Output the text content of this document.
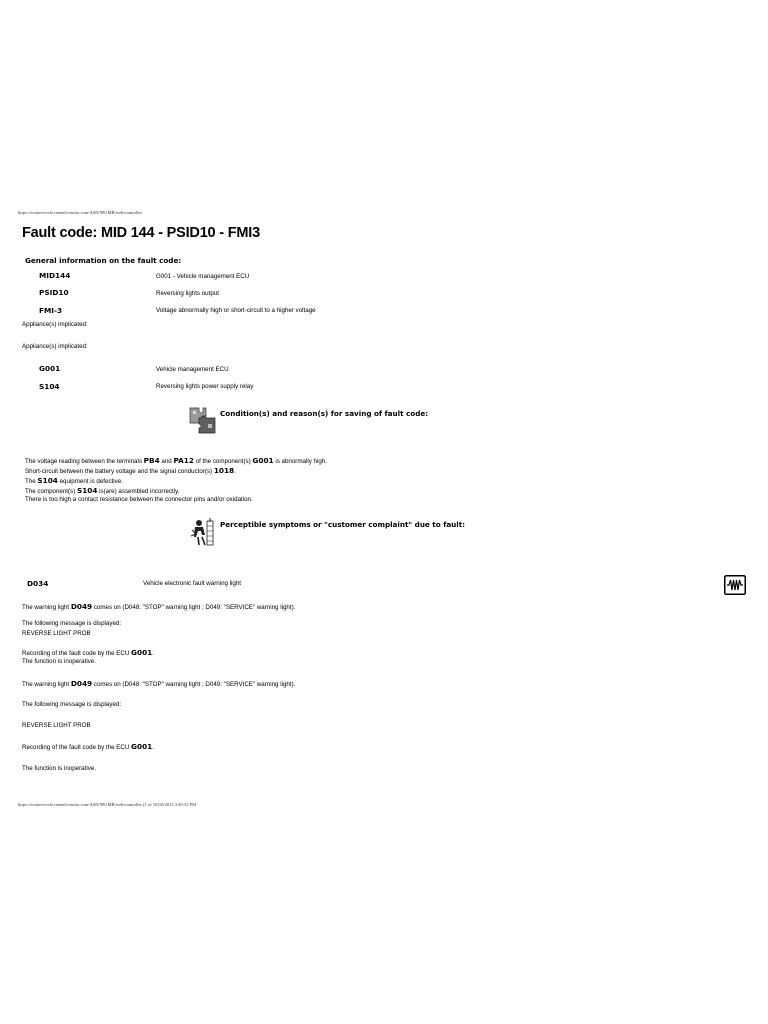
https://ecuservicefo.renault-trucks.com/ASN/99GMB/web/controller
Fault code: MID 144 - PSID10 - FMI3
General information on the fault code:
MID144	G001 - Vehicle management ECU
PSID10	Reversing lights output
FMI-3	Voltage abnormally high or short-circuit to a higher voltage
Appliance(s) implicated:
Appliance(s) implicated:
G001	Vehicle management ECU
S104	Reversing lights power supply relay
Condition(s) and reason(s) for saving of fault code:
The voltage reading between the terminals PB4 and PA12 of the component(s) G001 is abnormally high.
Short-circuit between the battery voltage and the signal conductor(s) 1018.
The S104 equipment is defective.
The component(s) S104 is(are) assembled incorrectly.
There is too high a contact resistance between the connector pins and/or oxidation.
Perceptible symptoms or "customer complaint" due to fault:
D034	Vehicle electronic fault warning light
The warning light D049 comes on (D048: "STOP" warning light ; D049: "SERVICE" warning light).
The following message is displayed:
REVERSE LIGHT PROB
Recording of the fault code by the ECU G001.
The function is inoperative.
The warning light D049 comes on (D048: "STOP" warning light ; D049: "SERVICE" warning light).
The following message is displayed:
REVERSE LIGHT PROB
Recording of the fault code by the ECU G001.
The function is inoperative.
https://ecuservicefo.renault-trucks.com/ASN/99GMB/web/controller (1 of 10)10/2013 3:49:33 PM
